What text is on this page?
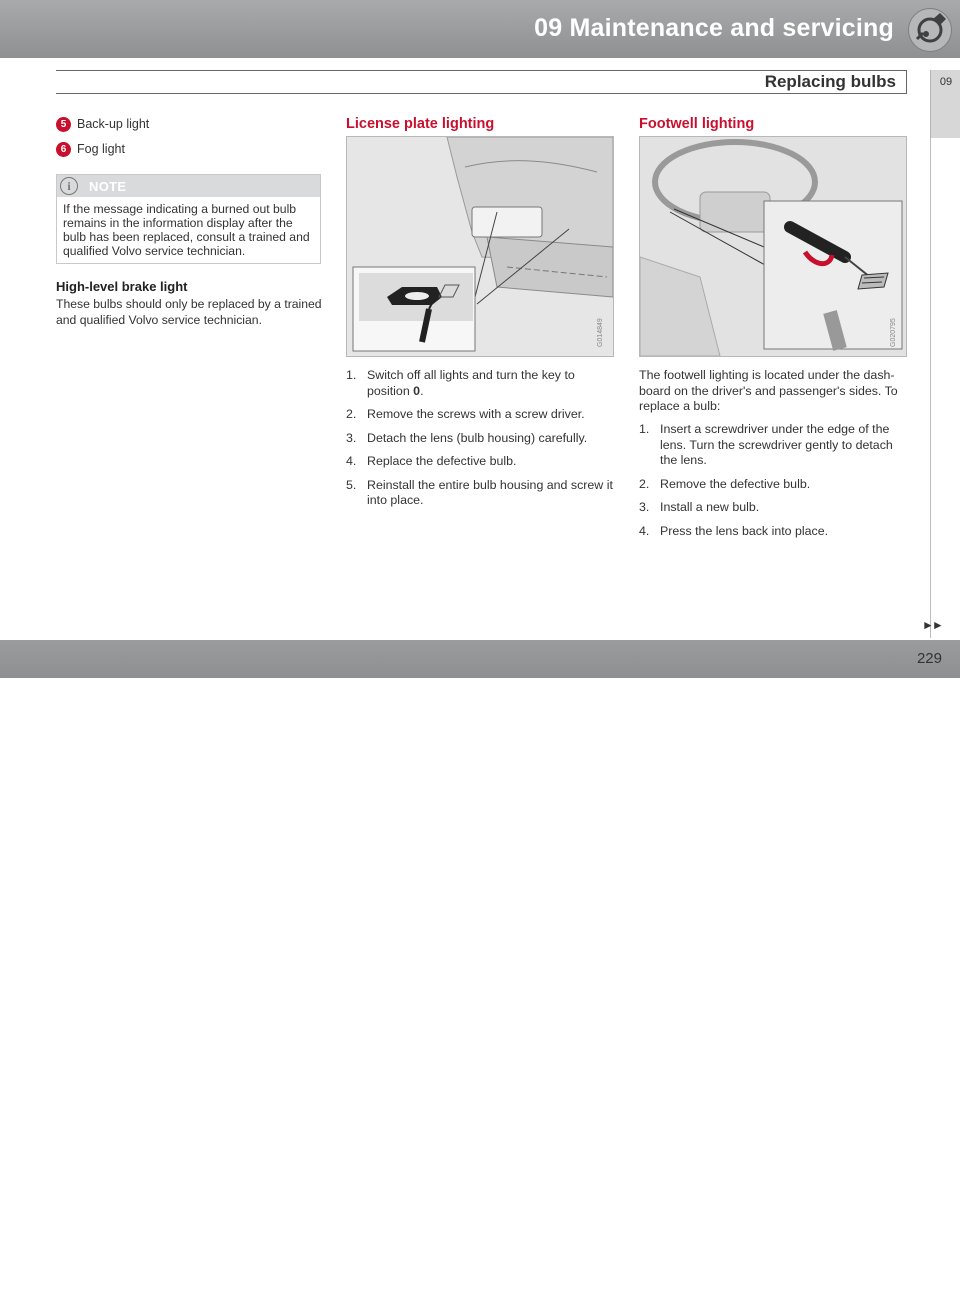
09 Maintenance and servicing
Replacing bulbs	09
5 Back-up light
6 Fog light
i	NOTE
If the message indicating a burned out bulb remains in the information display after the bulb has been replaced, consult a trained and qualified Volvo service technician.
High-level brake light
These bulbs should only be replaced by a trained and qualified Volvo service technician.
License plate lighting
G014849
1. Switch off all lights and turn the key to position 0.
2. Remove the screws with a screw driver.
3. Detach the lens (bulb housing) carefully.
4. Replace the defective bulb.
5. Reinstall the entire bulb housing and screw it into place.
Footwell lighting
G020795
The footwell lighting is located under the dash-board on the driver's and passenger's sides. To replace a bulb:
1. Insert a screwdriver under the edge of the lens. Turn the screwdriver gently to detach the lens.
2. Remove the defective bulb.
3. Install a new bulb.
4. Press the lens back into place.
►►
carmanualsonline.info
229
